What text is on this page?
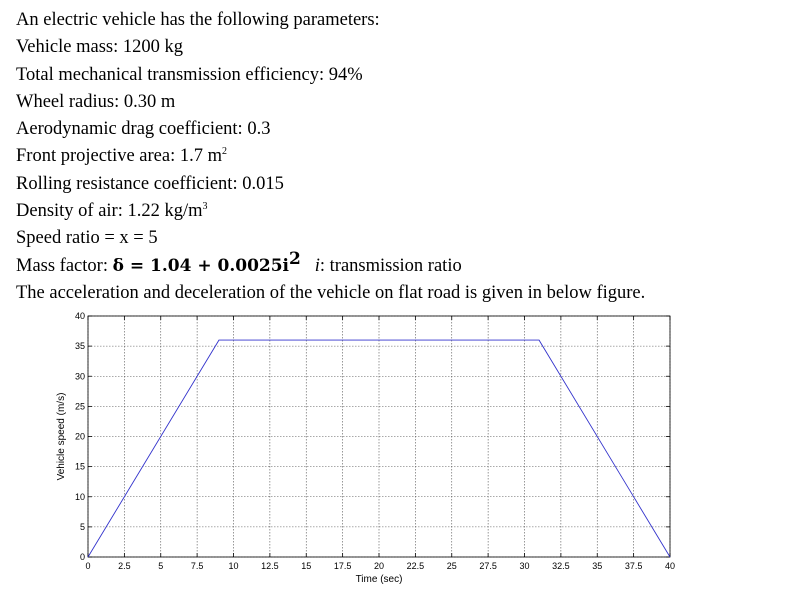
An electric vehicle has the following parameters:
Vehicle mass: 1200 kg
Total mechanical transmission efficiency: 94%
Wheel radius: 0.30 m
Aerodynamic drag coefficient: 0.3
Front projective area: 1.7 $m^2$
Rolling resistance coefficient: 0.015
Density of air: 1.22 $kg/m^3$
Speed ratio = x = 5
Mass factor: $\delta = 1.04 + 0.0025i^2$ i: transmission ratio
The acceleration and deceleration of the vehicle on flat road is given in below figure.
0
5
10
15
20
25
30
35
40
0	2.5	5	7.5	10	12.5	15	17.5	20	22.5	25	27.5	30	32.5	35	37.5	40
Time (sec)
Vehicle speed (m/s)
